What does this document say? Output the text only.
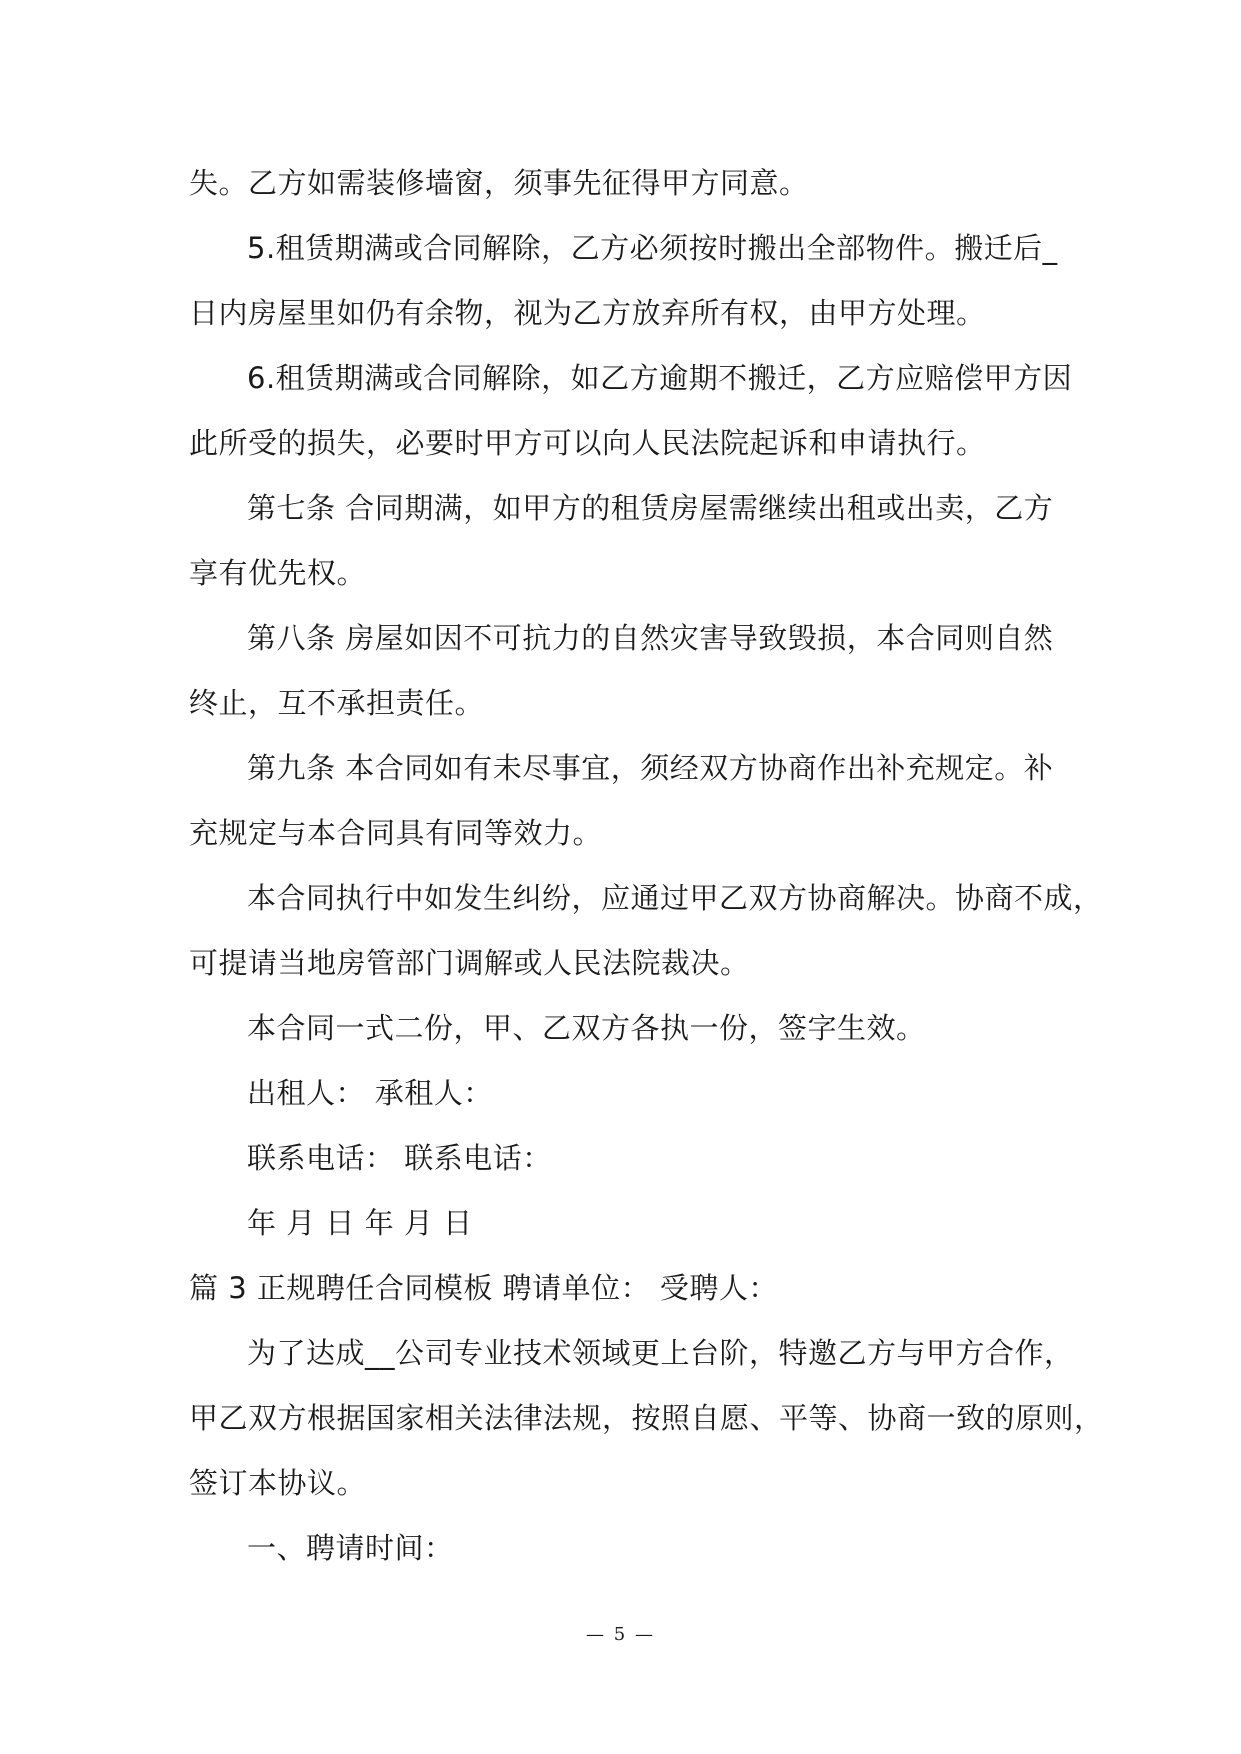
失。乙方如需装修墙窗，须事先征得甲方同意。
5.租赁期满或合同解除，乙方必须按时搬出全部物件。搬迁后_
日内房屋里如仍有余物，视为乙方放弃所有权，由甲方处理。
6.租赁期满或合同解除，如乙方逾期不搬迁，乙方应赔偿甲方因
此所受的损失，必要时甲方可以向人民法院起诉和申请执行。
第七条 合同期满，如甲方的租赁房屋需继续出租或出卖，乙方
享有优先权。
第八条 房屋如因不可抗力的自然灾害导致毁损，本合同则自然
终止，互不承担责任。
第九条 本合同如有未尽事宜，须经双方协商作出补充规定。补
充规定与本合同具有同等效力。
本合同执行中如发生纠纷，应通过甲乙双方协商解决。协商不成，
可提请当地房管部门调解或人民法院裁决。
本合同一式二份，甲、乙双方各执一份，签字生效。
出租人： 承租人：
联系电话： 联系电话：
年 月 日 年 月 日
篇 3 正规聘任合同模板 聘请单位： 受聘人：
为了达成__公司专业技术领域更上台阶，特邀乙方与甲方合作，
甲乙双方根据国家相关法律法规，按照自愿、平等、协商一致的原则，
签订本协议。
一、聘请时间：
— 5 —
